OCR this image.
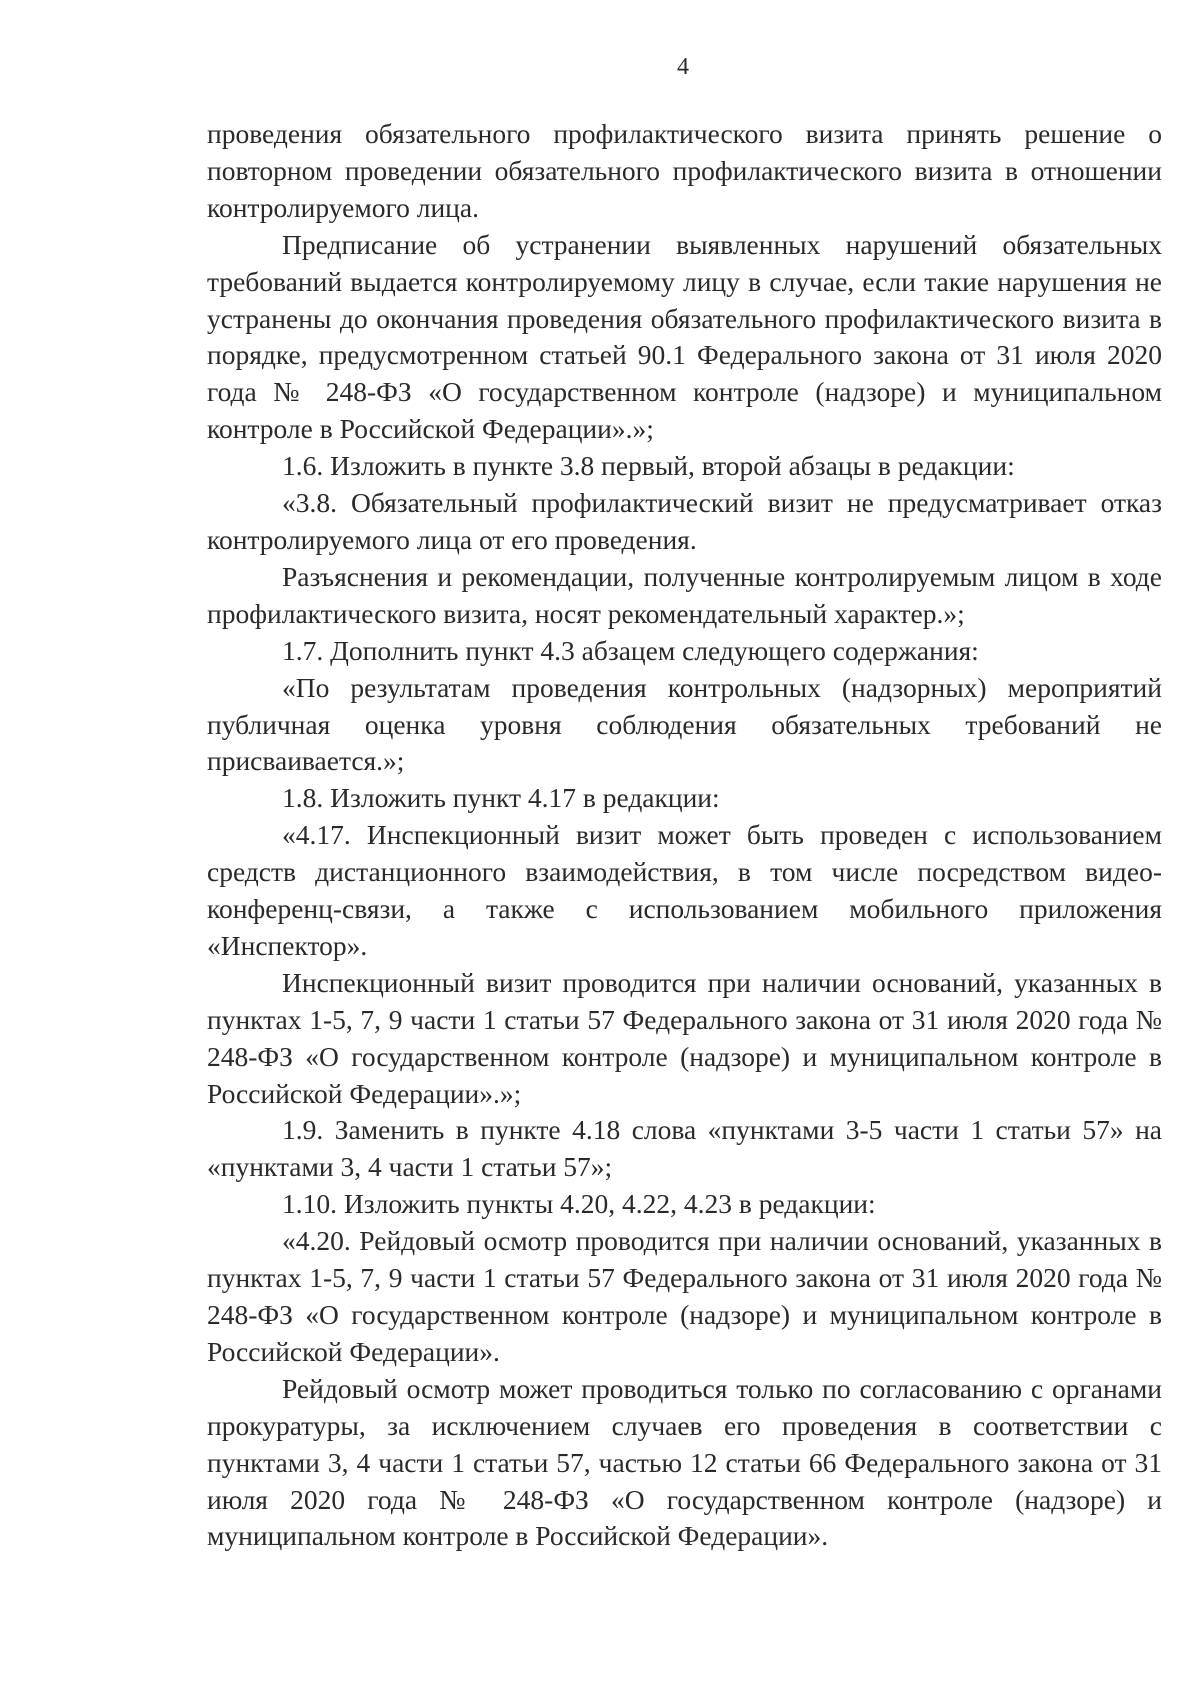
4

проведения обязательного профилактического визита принять решение о повторном проведении обязательного профилактического визита в отношении контролируемого лица.

Предписание об устранении выявленных нарушений обязательных требований выдается контролируемому лицу в случае, если такие нарушения не устранены до окончания проведения обязательного профилактического визита в порядке, предусмотренном статьей 90.1 Федерального закона от 31 июля 2020 года № 248-ФЗ «О государственном контроле (надзоре) и муниципальном контроле в Российской Федерации».»;

1.6. Изложить в пункте 3.8 первый, второй абзацы в редакции:

«3.8. Обязательный профилактический визит не предусматривает отказ контролируемого лица от его проведения.

Разъяснения и рекомендации, полученные контролируемым лицом в ходе профилактического визита, носят рекомендательный характер.»;

1.7. Дополнить пункт 4.3 абзацем следующего содержания:

«По результатам проведения контрольных (надзорных) мероприятий публичная оценка уровня соблюдения обязательных требований не присваивается.»;

1.8. Изложить пункт 4.17 в редакции:

«4.17. Инспекционный визит может быть проведен с использованием средств дистанционного взаимодействия, в том числе посредством видео-конференц-связи, а также с использованием мобильного приложения «Инспектор».

Инспекционный визит проводится при наличии оснований, указанных в пунктах 1-5, 7, 9 части 1 статьи 57 Федерального закона от 31 июля 2020 года № 248-ФЗ «О государственном контроле (надзоре) и муниципальном контроле в Российской Федерации».»;

1.9. Заменить в пункте 4.18 слова «пунктами 3-5 части 1 статьи 57» на «пунктами 3, 4 части 1 статьи 57»;

1.10. Изложить пункты 4.20, 4.22, 4.23 в редакции:

«4.20. Рейдовый осмотр проводится при наличии оснований, указанных в пунктах 1-5, 7, 9 части 1 статьи 57 Федерального закона от 31 июля 2020 года № 248-ФЗ «О государственном контроле (надзоре) и муниципальном контроле в Российской Федерации».

Рейдовый осмотр может проводиться только по согласованию с органами прокуратуры, за исключением случаев его проведения в соответствии с пунктами 3, 4 части 1 статьи 57, частью 12 статьи 66 Федерального закона от 31 июля 2020 года № 248-ФЗ «О государственном контроле (надзоре) и муниципальном контроле в Российской Федерации».
